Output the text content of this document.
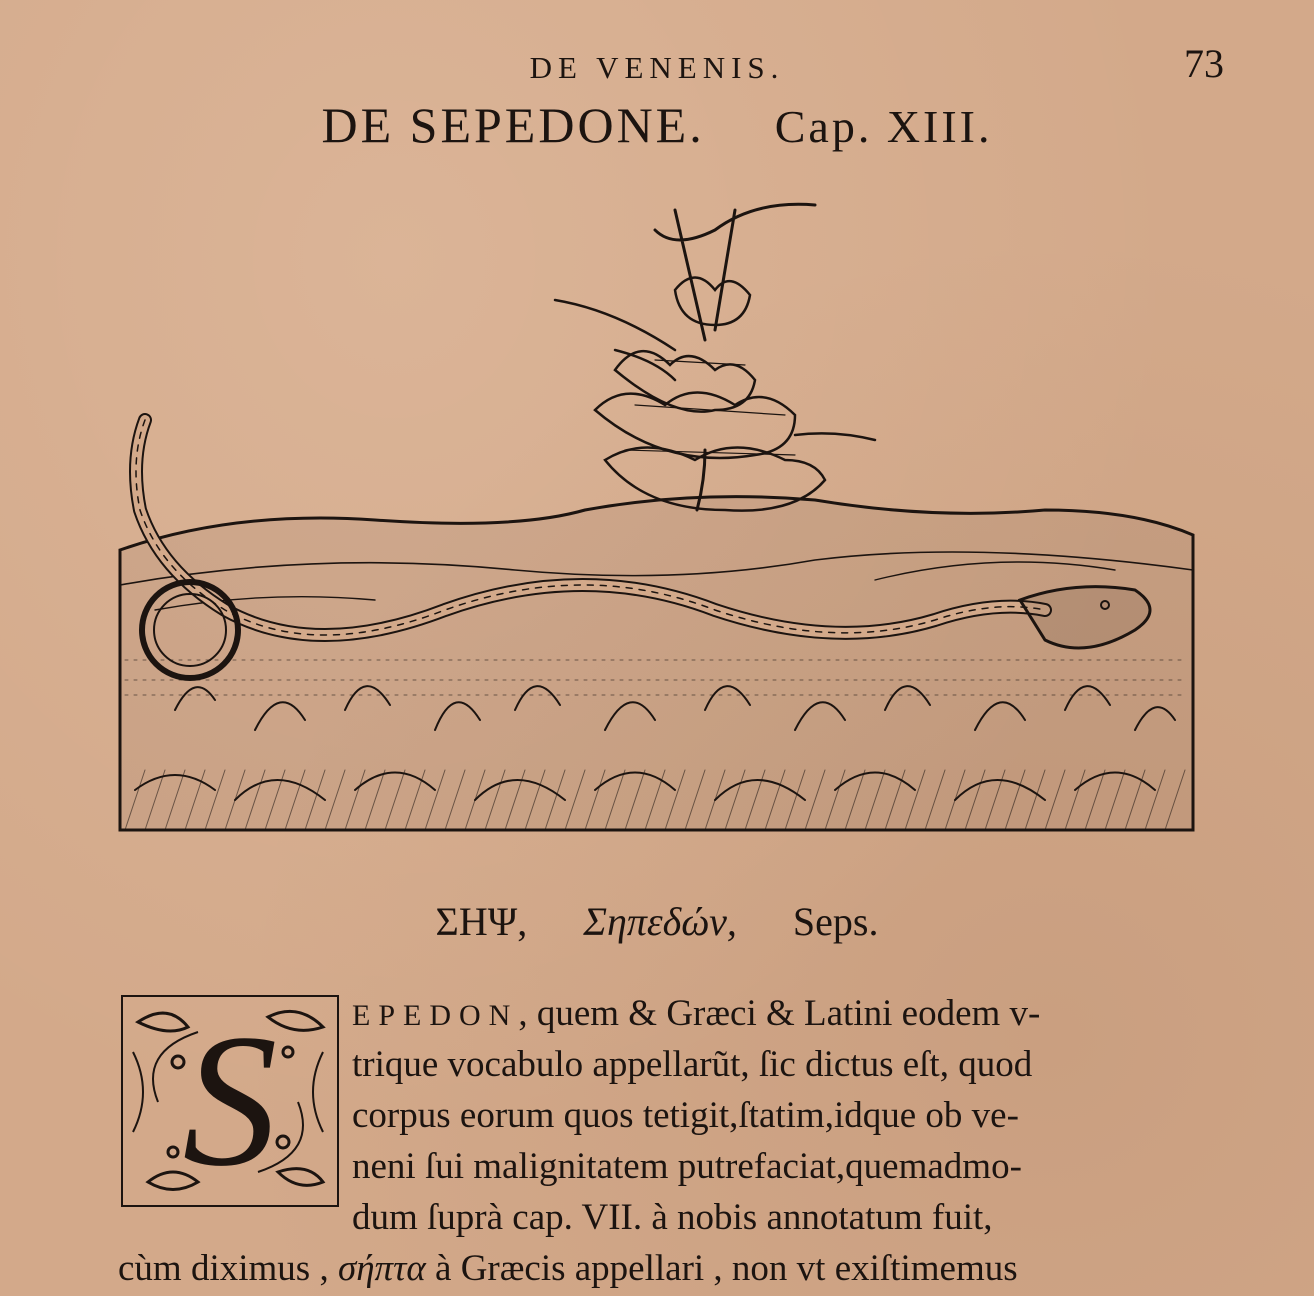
DE VENENIS.	73
DE SEPEDONE. Cap. XIII.
ΣΗΨ, Σηπεδών, Seps.
S	EPEDON, quem & Græci & Latini eodem v-
trique vocabulo appellarũt, ſic dictus eſt, quod
corpus eorum quos tetigit,ſtatim,idque ob ve-
neni ſui malignitatem putrefaciat,quemadmo-
dum ſuprà cap. VII. à nobis annotatum fuit,
cùm diximus , σήπτα à Græcis appellari , non vt exiſtimemus
